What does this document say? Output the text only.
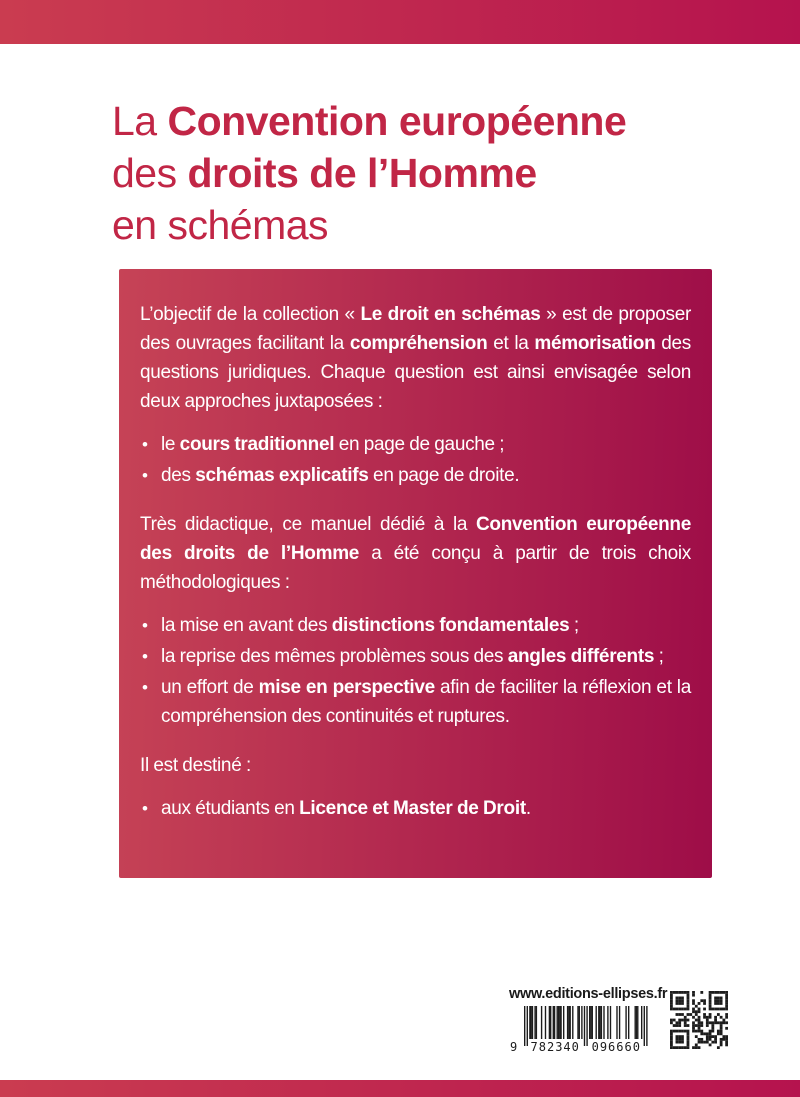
La Convention européenne
des droits de l’Homme
en schémas

L’objectif de la collection « Le droit en schémas » est de proposer des ouvrages facilitant la compréhension et la mémorisation des questions juridiques. Chaque question est ainsi envisagée selon deux approches juxtaposées :

• le cours traditionnel en page de gauche ;
• des schémas explicatifs en page de droite.

Très didactique, ce manuel dédié à la Convention européenne des droits de l’Homme a été conçu à partir de trois choix méthodologiques :

• la mise en avant des distinctions fondamentales ;
• la reprise des mêmes problèmes sous des angles différents ;
• un effort de mise en perspective afin de faciliter la réflexion et la compréhension des continuités et ruptures.

Il est destiné :

• aux étudiants en Licence et Master de Droit.
www.editions-ellipses.fr
9 782340 096660
